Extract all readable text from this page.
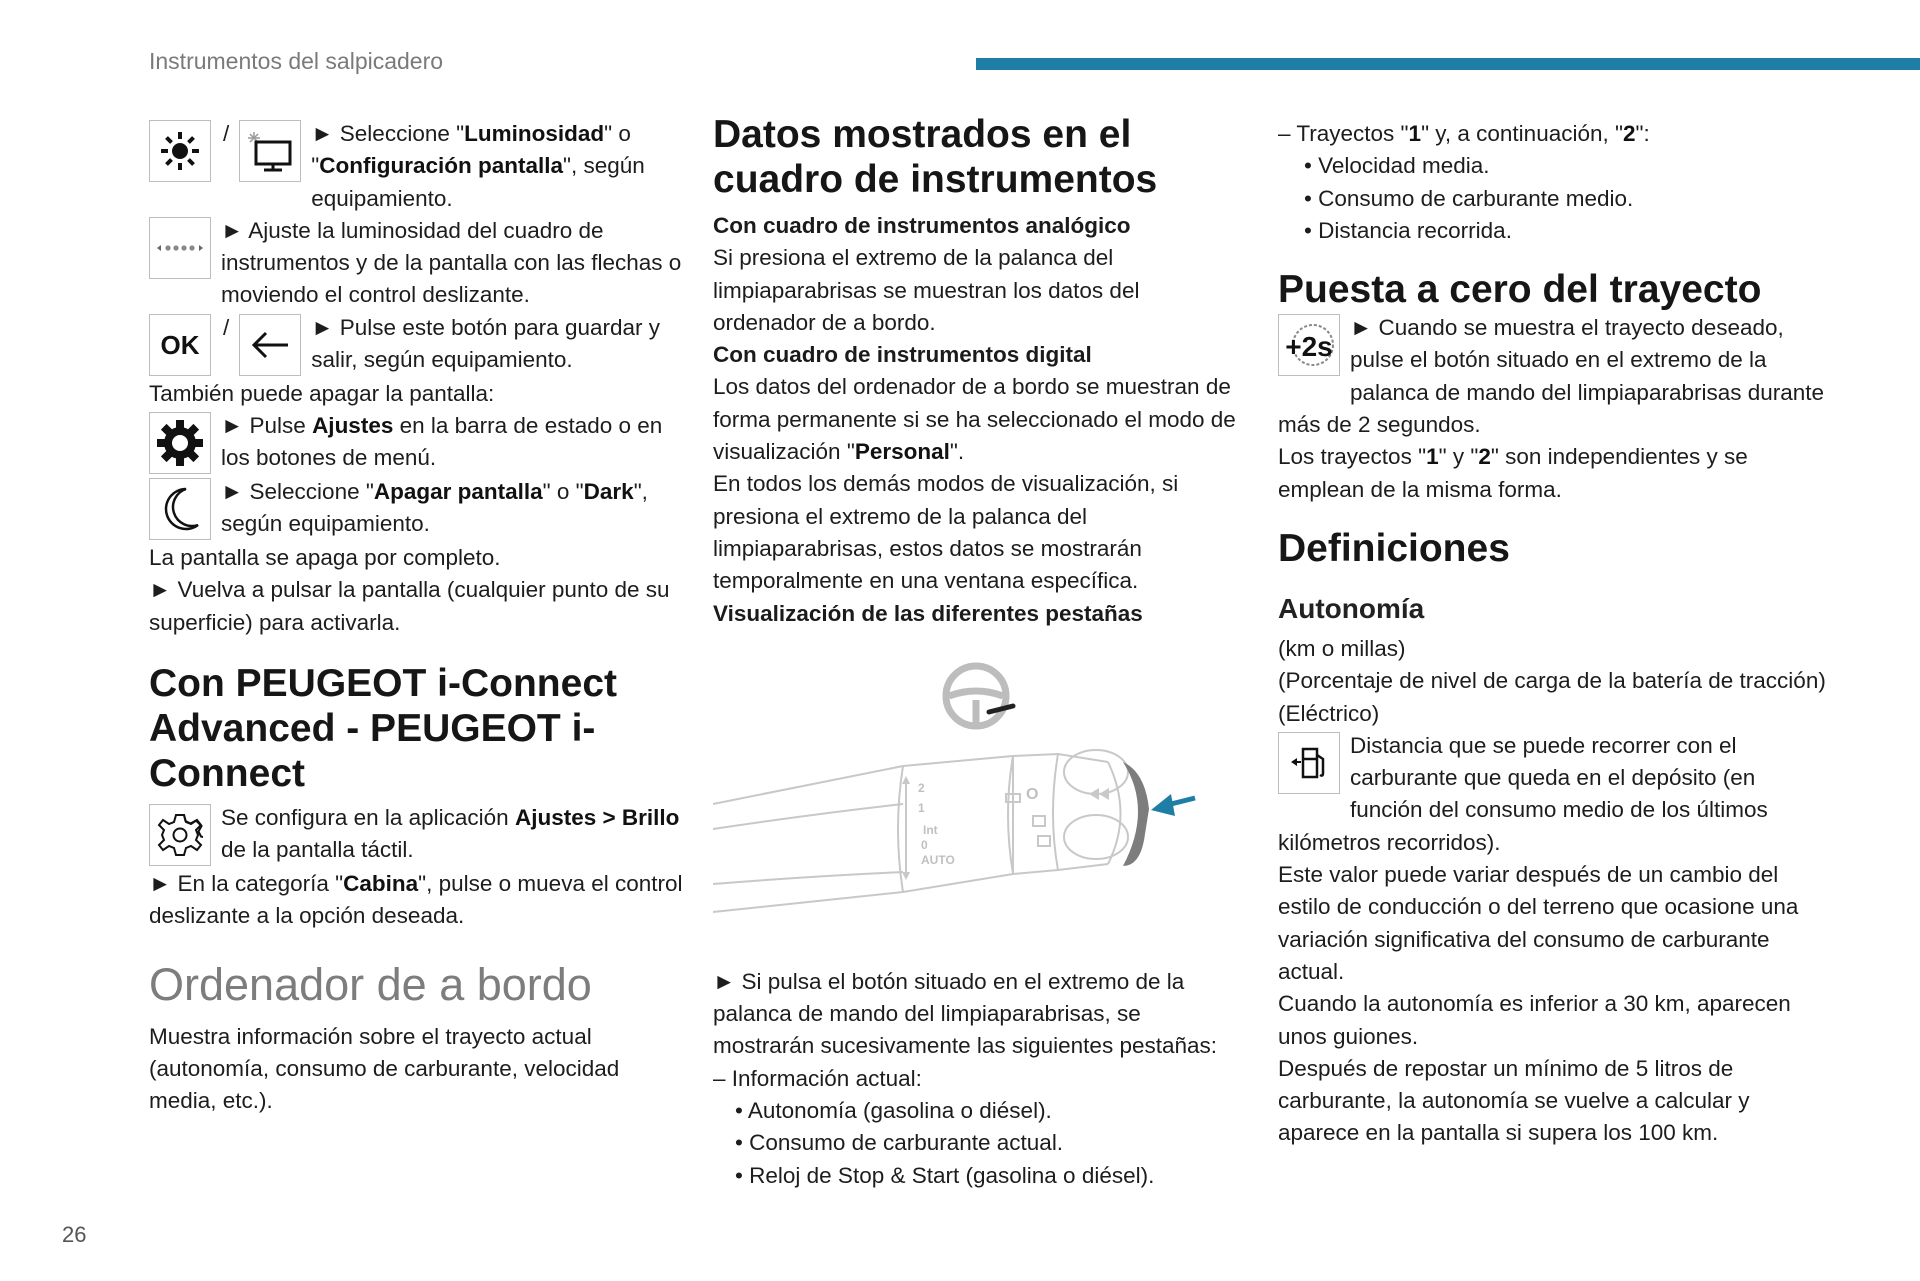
Instrumentos del salpicadero
/	► Seleccione "Luminosidad" o "Configuración pantalla", según equipamiento.

► Ajuste la luminosidad del cuadro de instrumentos y de la pantalla con las flechas o moviendo el control deslizante.

OK
/	► Pulse este botón para guardar y salir, según equipamiento.

También puede apagar la pantalla:

► Pulse Ajustes en la barra de estado o en los botones de menú.

► Seleccione "Apagar pantalla" o "Dark", según equipamiento.

La pantalla se apaga por completo.

► Vuelva a pulsar la pantalla (cualquier punto de su superficie) para activarla.

Con PEUGEOT i-Connect Advanced - PEUGEOT i-Connect

Se configura en la aplicación Ajustes > Brillo de la pantalla táctil.

► En la categoría "Cabina", pulse o mueva el control deslizante a la opción deseada.

Ordenador de a bordo

Muestra información sobre el trayecto actual (autonomía, consumo de carburante, velocidad media, etc.).

Datos mostrados en el cuadro de instrumentos

Con cuadro de instrumentos analógico

Si presiona el extremo de la palanca del limpiaparabrisas se muestran los datos del ordenador de a bordo.

Con cuadro de instrumentos digital

Los datos del ordenador de a bordo se muestran de forma permanente si se ha seleccionado el modo de visualización "Personal".

En todos los demás modos de visualización, si presiona el extremo de la palanca del limpiaparabrisas, estos datos se mostrarán temporalmente en una ventana específica.

Visualización de las diferentes pestañas

2
1
Int
0
AUTO
O

► Si pulsa el botón situado en el extremo de la palanca de mando del limpiaparabrisas, se mostrarán sucesivamente las siguientes pestañas:

– Información actual:

• Autonomía (gasolina o diésel).

• Consumo de carburante actual.

• Reloj de Stop & Start (gasolina o diésel).

– Trayectos "1" y, a continuación, "2":

• Velocidad media.

• Consumo de carburante medio.

• Distancia recorrida.

Puesta a cero del trayecto
+2s

► Cuando se muestra el trayecto deseado, pulse el botón situado en el extremo de la palanca de mando del limpiaparabrisas durante más de 2 segundos.

Los trayectos "1" y "2" son independientes y se emplean de la misma forma.

Definiciones
Autonomía

(km o millas)

(Porcentaje de nivel de carga de la batería de tracción) (Eléctrico)

Distancia que se puede recorrer con el carburante que queda en el depósito (en función del consumo medio de los últimos kilómetros recorridos).

Este valor puede variar después de un cambio del estilo de conducción o del terreno que ocasione una variación significativa del consumo de carburante actual.

Cuando la autonomía es inferior a 30 km, aparecen unos guiones.

Después de repostar un mínimo de 5 litros de carburante, la autonomía se vuelve a calcular y aparece en la pantalla si supera los 100 km.

26
